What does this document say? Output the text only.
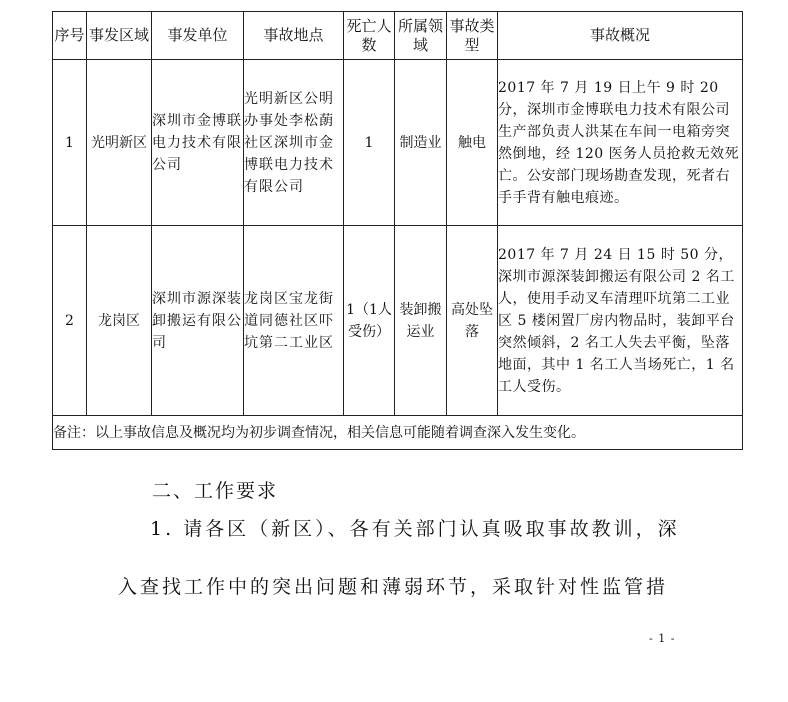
序号	事发区域	事发单位	事故地点	死亡人数	所属领域	事故类型	事故概况
1	光明新区	深圳市金博联电力技术有限公司	光明新区公明办事处李松蓢社区深圳市金博联电力技术有限公司	1	制造业	触电	2017 年 7 月 19 日上午 9 时 20 分，深圳市金博联电力技术有限公司生产部负责人洪某在车间一电箱旁突然倒地，经 120 医务人员抢救无效死亡。公安部门现场勘查发现，死者右手手背有触电痕迹。
2	龙岗区	深圳市源深装卸搬运有限公司	龙岗区宝龙街道同德社区吓坑第二工业区	1（1人受伤）	装卸搬运业	高处坠落	2017 年 7 月 24 日 15 时 50 分，深圳市源深装卸搬运有限公司 2 名工人，使用手动叉车清理吓坑第二工业区 5 楼闲置厂房内物品时，装卸平台突然倾斜，2 名工人失去平衡，坠落地面，其中 1 名工人当场死亡，1 名工人受伤。
备注：以上事故信息及概况均为初步调查情况，相关信息可能随着调查深入发生变化。							
二、工作要求
1. 请各区（新区）、各有关部门认真吸取事故教训，深
入查找工作中的突出问题和薄弱环节，采取针对性监管措
- 1 -
